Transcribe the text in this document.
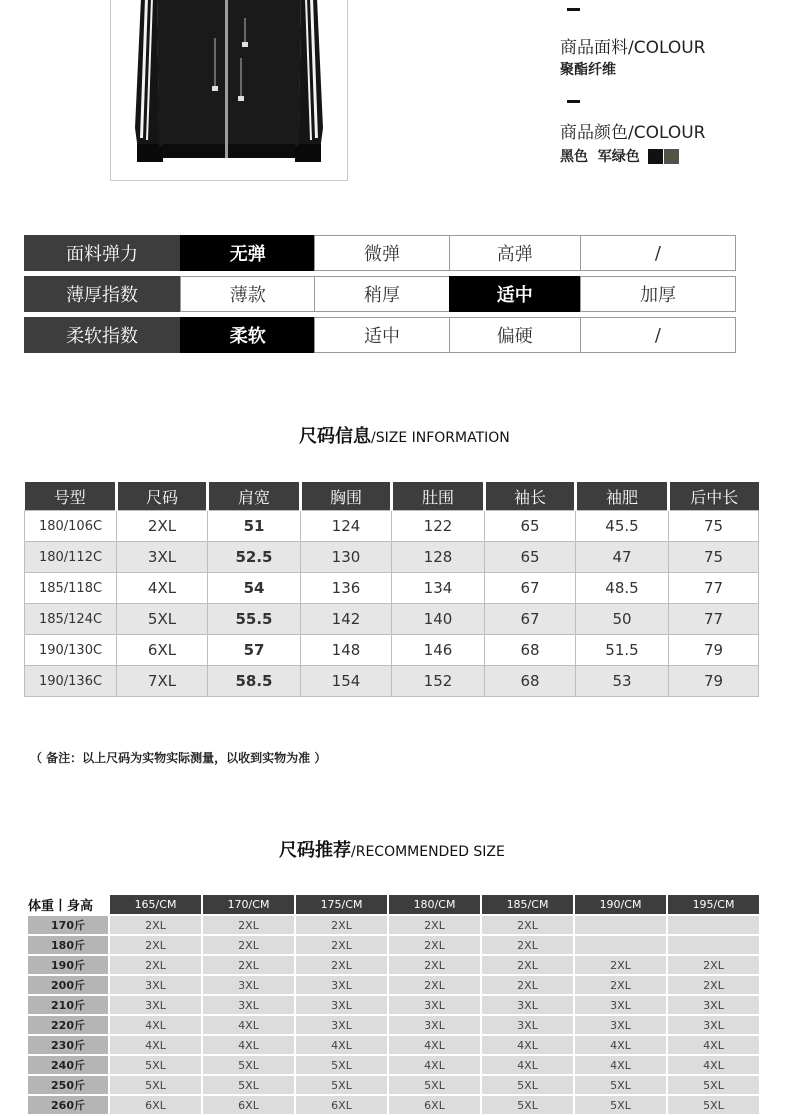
商品面料/COLOUR
聚酯纤维
商品颜色/COLOUR
黑色  军绿色
面料弹力	无弹	微弹	高弹	/
薄厚指数	薄款	稍厚	适中	加厚
柔软指数	柔软	适中	偏硬	/
尺码信息/SIZE INFORMATION
号型	尺码	肩宽	胸围	肚围	袖长	袖肥	后中长
180/106C	2XL	51	124	122	65	45.5	75
180/112C	3XL	52.5	130	128	65	47	75
185/118C	4XL	54	136	134	67	48.5	77
185/124C	5XL	55.5	142	140	67	50	77
190/130C	6XL	57	148	146	68	51.5	79
190/136C	7XL	58.5	154	152	68	53	79
（ 备注：以上尺码为实物实际测量，以收到实物为准 ）
尺码推荐/RECOMMENDED SIZE
体重丨身高	165/CM	170/CM	175/CM	180/CM	185/CM	190/CM	195/CM
170斤	2XL	2XL	2XL	2XL	2XL		
180斤	2XL	2XL	2XL	2XL	2XL		
190斤	2XL	2XL	2XL	2XL	2XL	2XL	2XL
200斤	3XL	3XL	3XL	2XL	2XL	2XL	2XL
210斤	3XL	3XL	3XL	3XL	3XL	3XL	3XL
220斤	4XL	4XL	3XL	3XL	3XL	3XL	3XL
230斤	4XL	4XL	4XL	4XL	4XL	4XL	4XL
240斤	5XL	5XL	5XL	4XL	4XL	4XL	4XL
250斤	5XL	5XL	5XL	5XL	5XL	5XL	5XL
260斤	6XL	6XL	6XL	6XL	5XL	5XL	5XL
